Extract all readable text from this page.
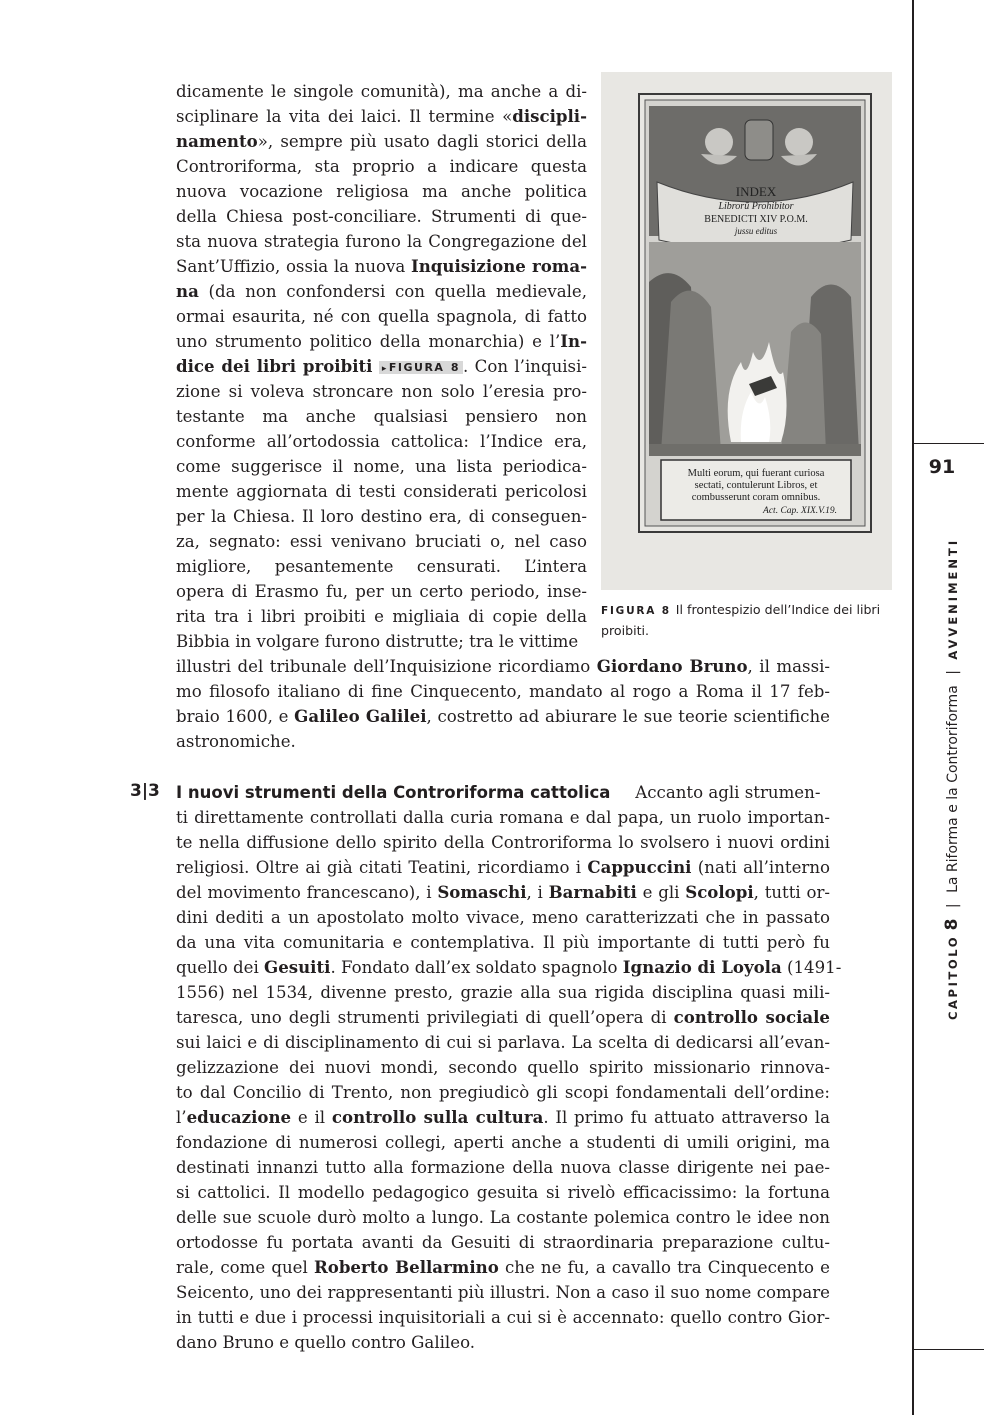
91
CAPITOLO 8 | La Riforma e la Controriforma | AVVENIMENTI
dicamente le singole comunità), ma anche a di-
sciplinare la vita dei laici. Il termine «discipli-
namento», sempre più usato dagli storici della
Controriforma, sta proprio a indicare questa
nuova vocazione religiosa ma anche politica
della Chiesa post-conciliare. Strumenti di que-
sta nuova strategia furono la Congregazione del
Sant’Uffizio, ossia la nuova Inquisizione roma-
na (da non confondersi con quella medievale,
ormai esaurita, né con quella spagnola, di fatto
uno strumento politico della monarchia) e l’In-
dice dei libri proibiti ▸FIGURA 8 . Con l’inquisi-
zione si voleva stroncare non solo l’eresia pro-
testante ma anche qualsiasi pensiero non
conforme all’ortodossia cattolica: l’Indice era,
come suggerisce il nome, una lista periodica-
mente aggiornata di testi considerati pericolosi
per la Chiesa. Il loro destino era, di conseguen-
za, segnato: essi venivano bruciati o, nel caso
migliore, pesantemente censurati. L’intera
opera di Erasmo fu, per un certo periodo, inse-
rita tra i libri proibiti e migliaia di copie della
Bibbia in volgare furono distrutte; tra le vittime
illustri del tribunale dell’Inquisizione ricordiamo Giordano Bruno, il massi-
mo filosofo italiano di fine Cinquecento, mandato al rogo a Roma il 17 feb-
braio 1600, e Galileo Galilei, costretto ad abiurare le sue teorie scientifiche
astronomiche.
INDEX
Librorū Prohibitor
BENEDICTI XIV P.O.M.
jussu editus
Multi eorum, qui fuerant curiosa
sectati, contulerunt Libros, et
combusserunt coram omnibus.
Act. Cap. XIX.V.19.
FIGURA 8 Il frontespizio dell’Indice dei libri
proibiti.
3|3 I nuovi strumenti della Controriforma cattolica   Accanto agli strumen-
ti direttamente controllati dalla curia romana e dal papa, un ruolo importan-
te nella diffusione dello spirito della Controriforma lo svolsero i nuovi ordini
religiosi. Oltre ai già citati Teatini, ricordiamo i Cappuccini (nati all’interno
del movimento francescano), i Somaschi, i Barnabiti e gli Scolopi, tutti or-
dini dediti a un apostolato molto vivace, meno caratterizzati che in passato
da una vita comunitaria e contemplativa. Il più importante di tutti però fu
quello dei Gesuiti. Fondato dall’ex soldato spagnolo Ignazio di Loyola (1491-
1556) nel 1534, divenne presto, grazie alla sua rigida disciplina quasi mili-
taresca, uno degli strumenti privilegiati di quell’opera di controllo sociale
sui laici e di disciplinamento di cui si parlava. La scelta di dedicarsi all’evan-
gelizzazione dei nuovi mondi, secondo quello spirito missionario rinnova-
to dal Concilio di Trento, non pregiudicò gli scopi fondamentali dell’ordine:
l’educazione e il controllo sulla cultura. Il primo fu attuato attraverso la
fondazione di numerosi collegi, aperti anche a studenti di umili origini, ma
destinati innanzi tutto alla formazione della nuova classe dirigente nei pae-
si cattolici. Il modello pedagogico gesuita si rivelò efficacissimo: la fortuna
delle sue scuole durò molto a lungo. La costante polemica contro le idee non
ortodosse fu portata avanti da Gesuiti di straordinaria preparazione cultu-
rale, come quel Roberto Bellarmino che ne fu, a cavallo tra Cinquecento e
Seicento, uno dei rappresentanti più illustri. Non a caso il suo nome compare
in tutti e due i processi inquisitoriali a cui si è accennato: quello contro Gior-
dano Bruno e quello contro Galileo.
